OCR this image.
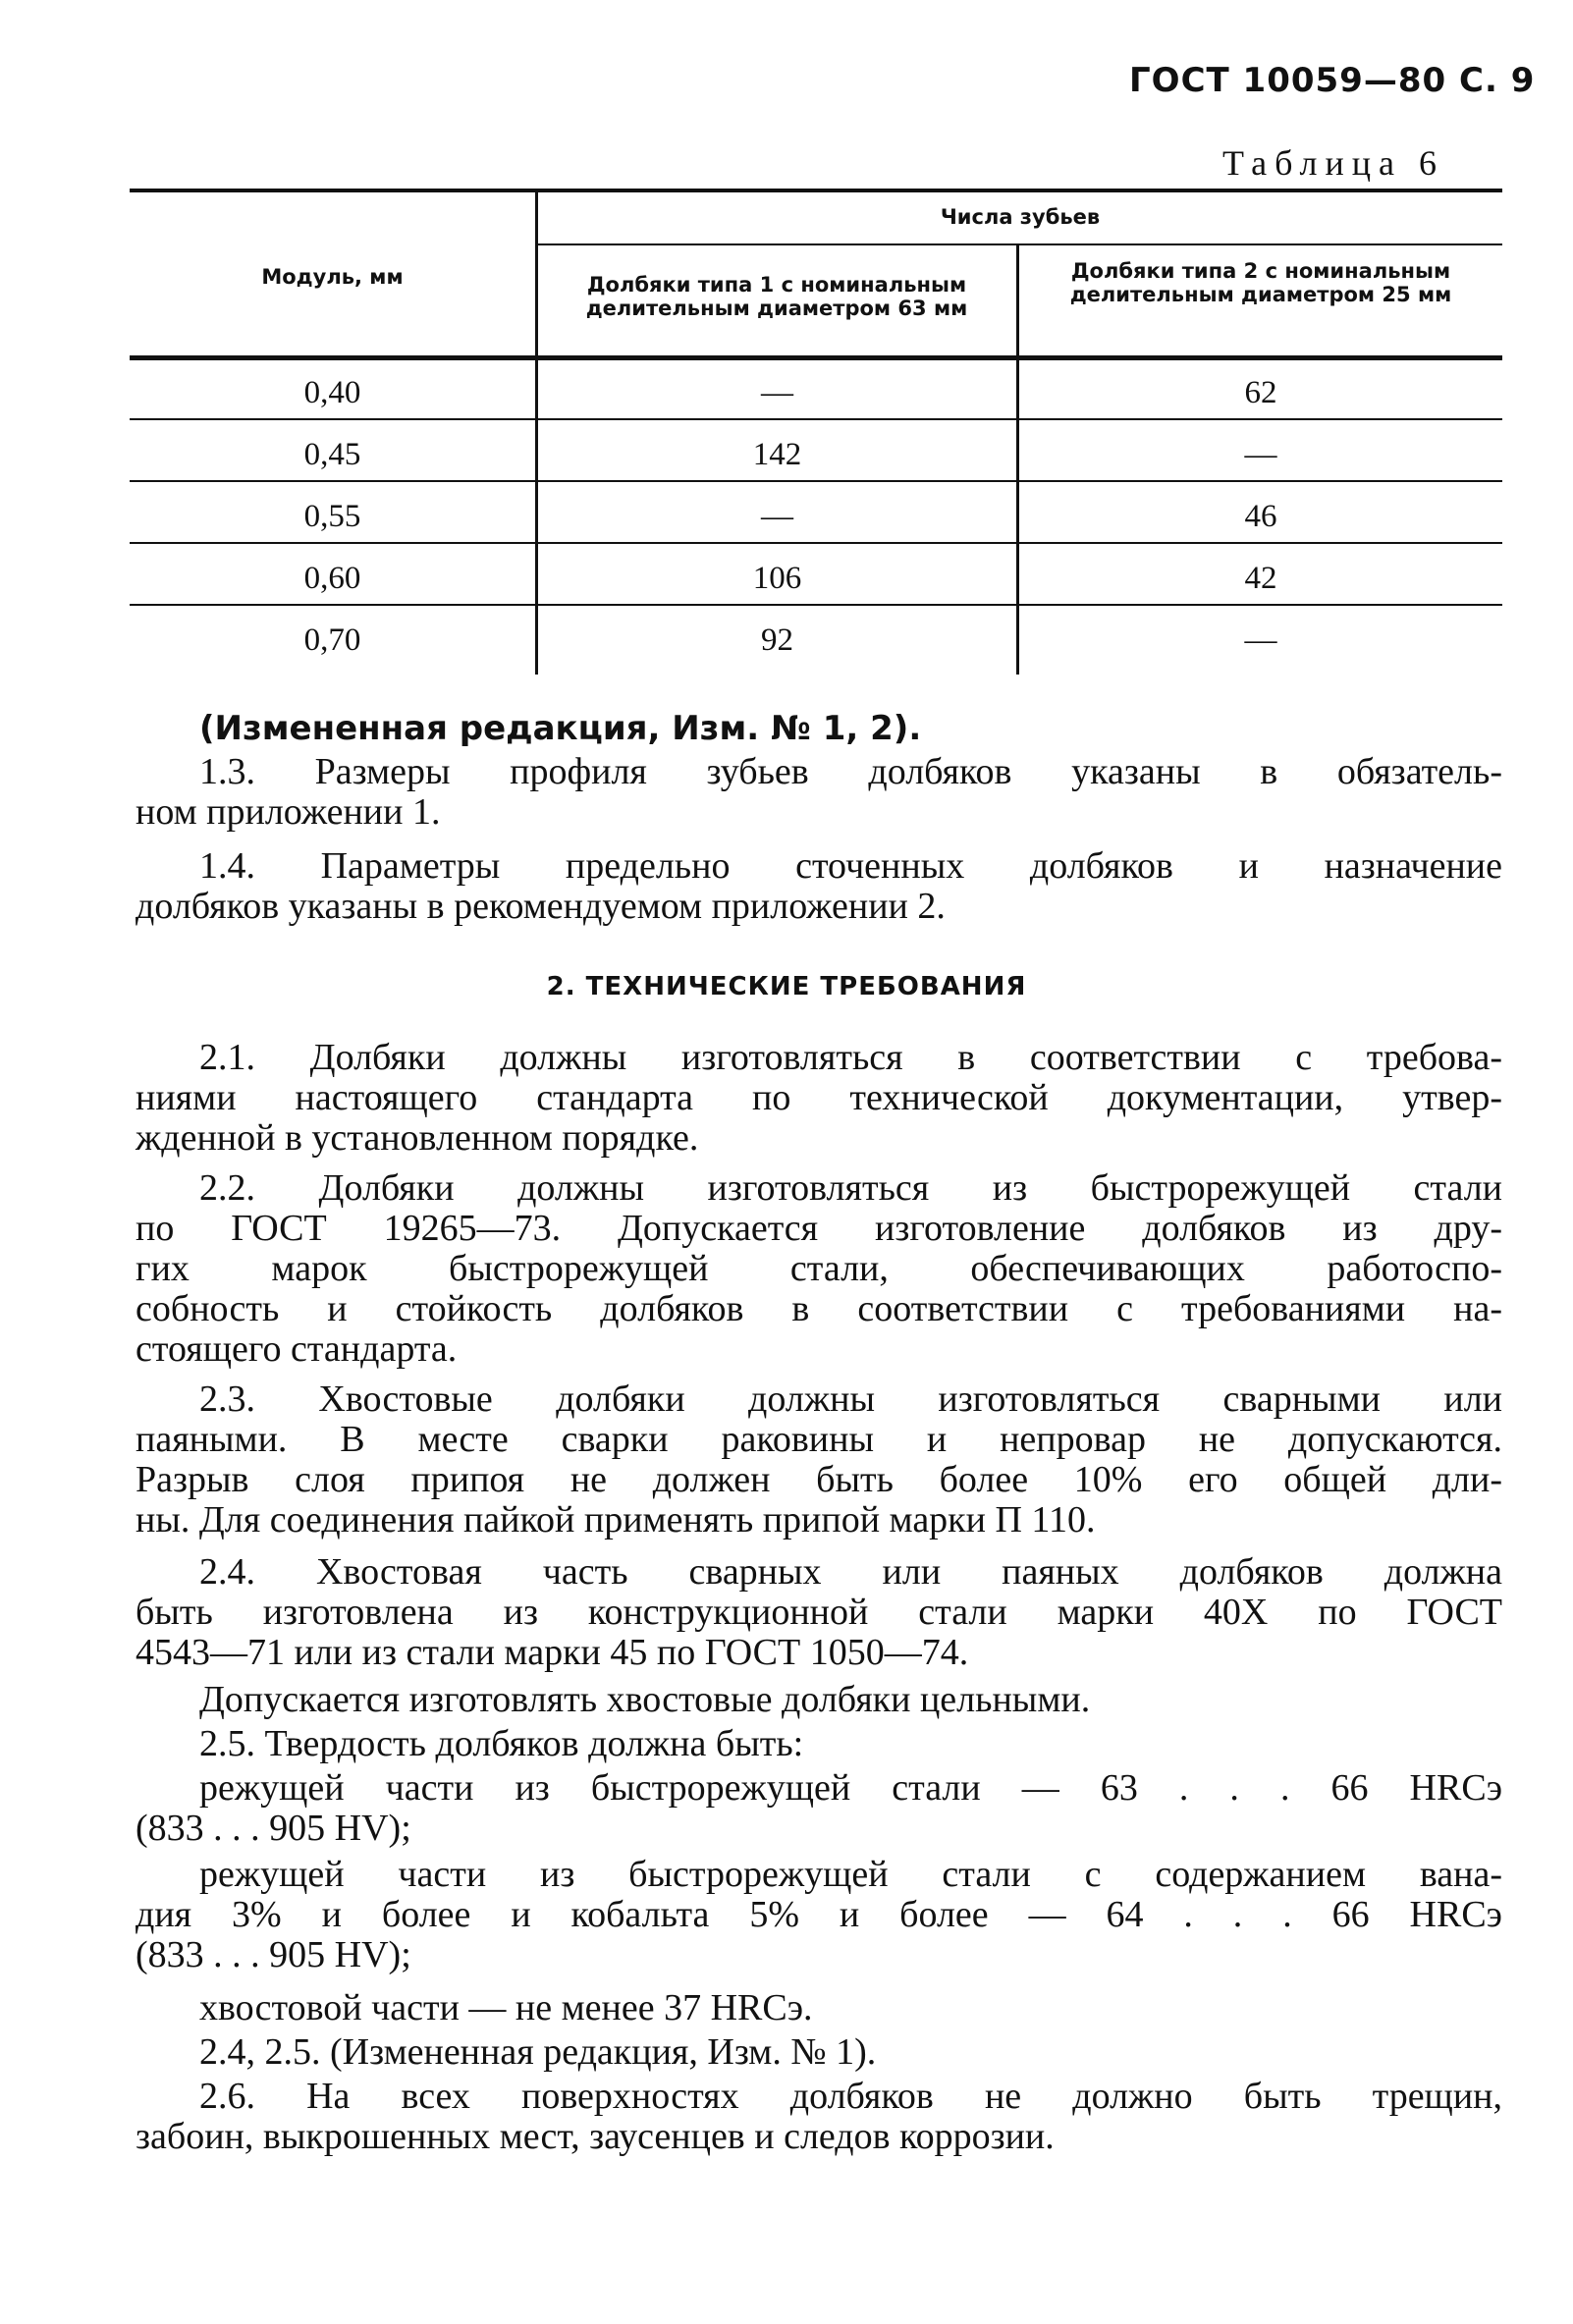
ГОСТ 10059—80 С. 9
Таблица 6
Модуль, мм
Числа зубьев
Долбяки типа 1 с номинальным делительным диаметром 63 мм
Долбяки типа 2 с номинальным делительным диаметром 25 мм
0,40	—	62
0,45	142	—
0,55	—	46
0,60	106	42
0,70	92	—
(Измененная редакция, Изм. № 1, 2).
1.3. Размеры профиля зубьев долбяков указаны в обязатель-
ном приложении 1.
1.4. Параметры предельно сточенных долбяков и назначение
долбяков указаны в рекомендуемом приложении 2.
2. ТЕХНИЧЕСКИЕ ТРЕБОВАНИЯ
2.1. Долбяки должны изготовляться в соответствии с требова-
ниями настоящего стандарта по технической документации, утвер-
жденной в установленном порядке.
2.2. Долбяки должны изготовляться из быстрорежущей стали
по ГОСТ 19265—73. Допускается изготовление долбяков из дру-
гих марок быстрорежущей стали, обеспечивающих работоспо-
собность и стойкость долбяков в соответствии с требованиями на-
стоящего стандарта.
2.3. Хвостовые долбяки должны изготовляться сварными или
паяными. В месте сварки раковины и непровар не допускаются.
Разрыв слоя припоя не должен быть более 10% его общей дли-
ны. Для соединения пайкой применять припой марки П 110.
2.4. Хвостовая часть сварных или паяных долбяков должна
быть изготовлена из конструкционной стали марки 40Х по ГОСТ
4543—71 или из стали марки 45 по ГОСТ 1050—74.
Допускается изготовлять хвостовые долбяки цельными.
2.5. Твердость долбяков должна быть:
режущей части из быстрорежущей стали — 63 . . . 66 HRCэ
(833 . . . 905 HV);
режущей части из быстрорежущей стали с содержанием вана-
дия 3% и более и кобальта 5% и более — 64 . . . 66 HRCэ
(833 . . . 905 HV);
хвостовой части — не менее 37 HRCэ.
2.4, 2.5. (Измененная редакция, Изм. № 1).
2.6. На всех поверхностях долбяков не должно быть трещин,
забоин, выкрошенных мест, заусенцев и следов коррозии.
